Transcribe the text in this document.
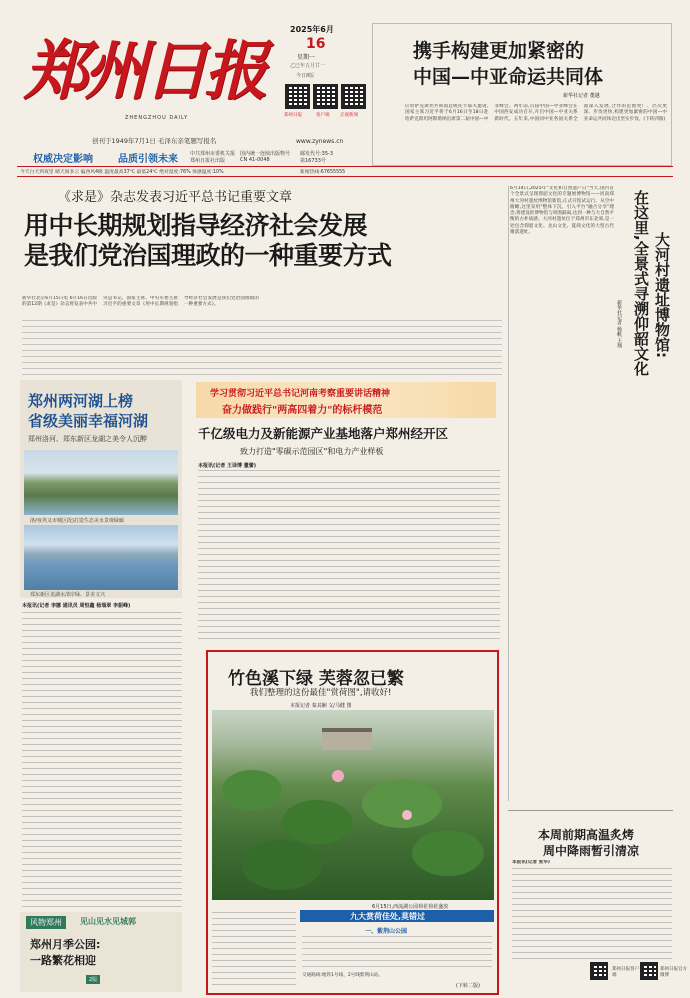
郑州日报
ZHENGZHOU DAILY
创刊于1949年7月1日 毛泽东亲笔题写报名
2025年6月
16
星期一
乙巳年五月廿一
今日8版
郑州日报	客户端 正观新闻
www.zynews.cn
权威决定影响	品质引领未来 中共郑州市委机关报
郑州日报社出版
国内统一连续出版物号
CN 41-0048
邮发代号:35-3
第16733号
今天白天到夜里 晴天间多云 偏西风4级 温度最高37℃ 最低24℃ 绝对湿度:76% 体感温度:10%	新闻热线:67655555
携手构建更加紧密的
中国—中亚命运共同体
新华社记者 董越
应哈萨克斯坦共和国总统托卡耶夫邀请,国家主席习近平将于6月16日至18日赴哈萨克斯坦阿斯塔纳出席第二届中国—中亚峰会。两年前,首届中国—中亚峰会在中国西安成功召开,开启中国—中亚关系新时代。五年来,中国同中亚各国关系全面深入发展,合作的范围更广、层次更深、步伐更快,构建更加紧密的中国—中亚命运共同体迈出坚实步伐。(下转四版)
《求是》杂志发表习近平总书记重要文章
用中长期规划指导经济社会发展
是我们党治国理政的一种重要方式
新华社北京6月15日电 6月16日出版的第12期《求是》杂志将发表中共中央总书记、国家主席、中央军委主席习近平的重要文章《用中长期规划指导经济社会发展是我们党治国理政的一种重要方式》。	在这里,全景式寻溯仰韶文化 大河村遗址博物馆:
新华社记者 杨帆 王翔
6月14日,2025年"文化和自然遗产日"当天,国内首个全景式呈现仰韶文化的专题展博物馆——河南郑州大河村遗址博物馆新馆,正式开馆试运行。从空中俯瞰,这里采用"整体下沉、引入平台"融合分享"理念,将建设的博物馆与周围隔离,达到一种与大自然平衡的古朴质感。大河村遗址位于郑州市东北郊,是一处包含仰韶文化、龙山文化、夏商文化的大型古代聚落遗址。
郑州两河湖上榜
省级美丽幸福河湖
郑州洛河、郑东新区龙湖之美令人沉醉
洛河(巩义市城区段)打造生态美水景观绿廊
郑东新区龙湖水清岸绿、景美文兴
本报讯(记者 李娜 通讯员 周恒鑫 杨瑞翠 李振峰)
学习贯彻习近平总书记河南考察重要讲话精神
奋力做践行"两高四着力"的标杆模范
千亿级电力及新能源产业基地落户郑州经开区
致力打造"零碳示范园区"和电力产业样板
本报讯(记者 王译博 董蕾)
竹色溪下绿 芙蓉忽已繁
我们整理的这份最佳"赏荷图",请收好!
本报记者 秦其娴 文/马健 图
6月15日,西流湖公园荷花荷花盛放
九大赏荷佳处,莫错过
一、紫荆山公园
交通路线:地铁1号线、2号线紫荆山站。
(下转二版)
本周前期高温炙烤
周中降雨暂引清凉
本报讯(记者 张华)
郑州日报客户端
郑州日报官方微博
风物郑州	见山见水见城郭
郑州月季公园:
一路繁花相迎
2版
